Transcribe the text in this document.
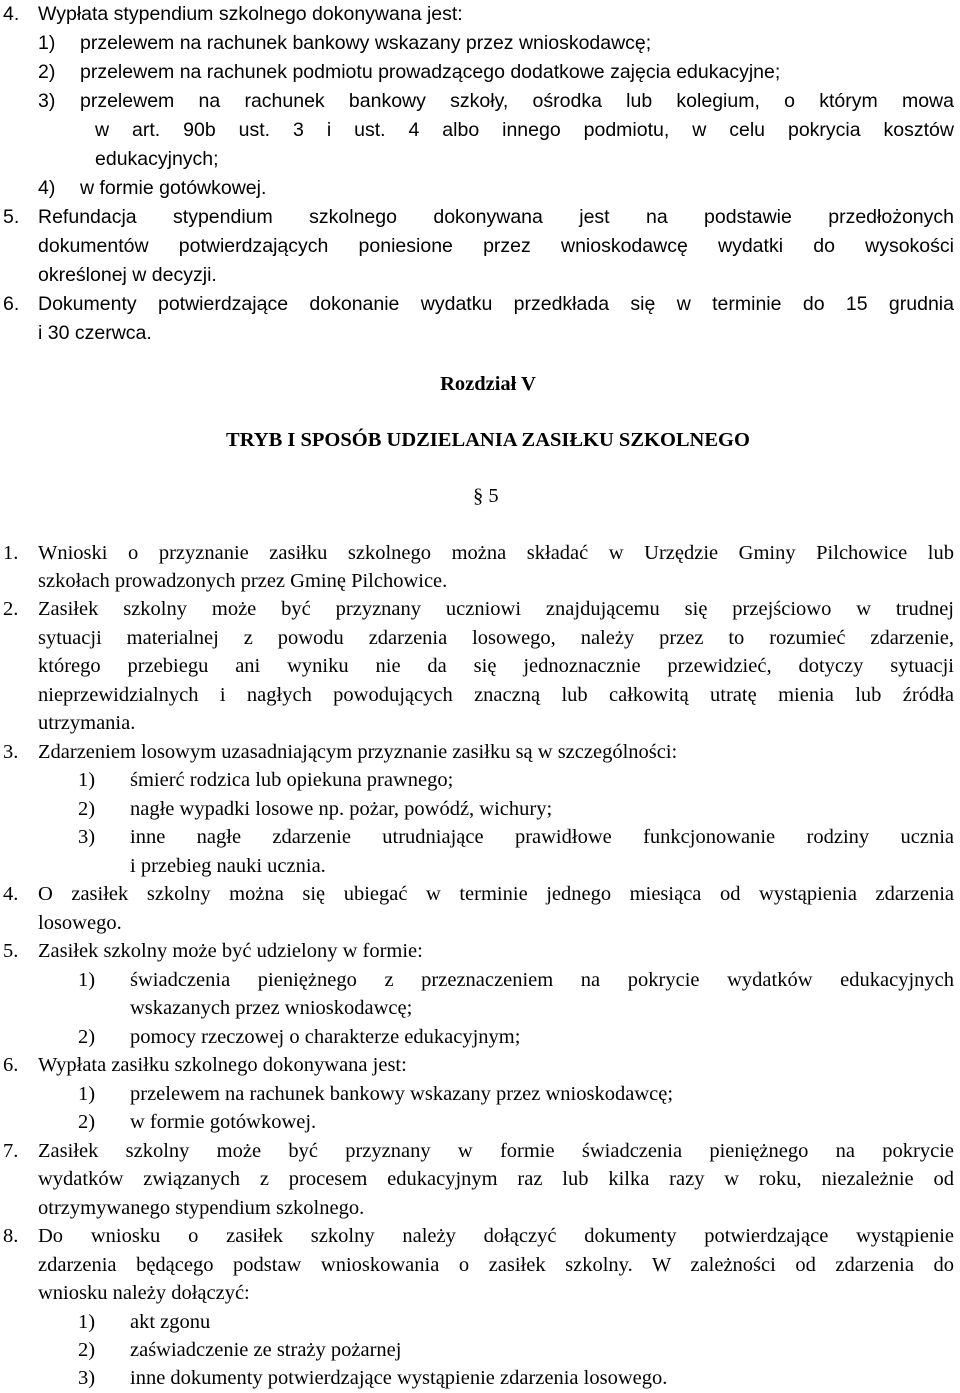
4. Wypłata stypendium szkolnego dokonywana jest:
1) przelewem na rachunek bankowy wskazany przez wnioskodawcę;
2) przelewem na rachunek podmiotu prowadzącego dodatkowe zajęcia edukacyjne;
3) przelewem na rachunek bankowy szkoły, ośrodka lub kolegium, o którym mowa
w art. 90b ust. 3 i ust. 4 albo innego podmiotu, w celu pokrycia kosztów
edukacyjnych;
4) w formie gotówkowej.
5. Refundacja stypendium szkolnego dokonywana jest na podstawie przedłożonych
dokumentów potwierdzających poniesione przez wnioskodawcę wydatki do wysokości
określonej w decyzji.
6. Dokumenty potwierdzające dokonanie wydatku przedkłada się w terminie do 15 grudnia
i 30 czerwca.
Rozdział V
TRYB I SPOSÓB UDZIELANIA ZASIŁKU SZKOLNEGO
§ 5
1. Wnioski o przyznanie zasiłku szkolnego można składać w Urzędzie Gminy Pilchowice lub
szkołach prowadzonych przez Gminę Pilchowice.
2. Zasiłek szkolny może być przyznany uczniowi znajdującemu się przejściowo w trudnej
sytuacji materialnej z powodu zdarzenia losowego, należy przez to rozumieć zdarzenie,
którego przebiegu ani wyniku nie da się jednoznacznie przewidzieć, dotyczy sytuacji
nieprzewidzialnych i nagłych powodujących znaczną lub całkowitą utratę mienia lub źródła
utrzymania.
3. Zdarzeniem losowym uzasadniającym przyznanie zasiłku są w szczególności:
1) śmierć rodzica lub opiekuna prawnego;
2) nagłe wypadki losowe np. pożar, powódź, wichury;
3) inne nagłe zdarzenie utrudniające prawidłowe funkcjonowanie rodziny ucznia
i przebieg nauki ucznia.
4. O zasiłek szkolny można się ubiegać w terminie jednego miesiąca od wystąpienia zdarzenia
losowego.
5. Zasiłek szkolny może być udzielony w formie:
1) świadczenia pieniężnego z przeznaczeniem na pokrycie wydatków edukacyjnych
wskazanych przez wnioskodawcę;
2) pomocy rzeczowej o charakterze edukacyjnym;
6. Wypłata zasiłku szkolnego dokonywana jest:
1) przelewem na rachunek bankowy wskazany przez wnioskodawcę;
2) w formie gotówkowej.
7. Zasiłek szkolny może być przyznany w formie świadczenia pieniężnego na pokrycie
wydatków związanych z procesem edukacyjnym raz lub kilka razy w roku, niezależnie od
otrzymywanego stypendium szkolnego.
8. Do wniosku o zasiłek szkolny należy dołączyć dokumenty potwierdzające wystąpienie
zdarzenia będącego podstaw wnioskowania o zasiłek szkolny. W zależności od zdarzenia do
wniosku należy dołączyć:
1) akt zgonu
2) zaświadczenie ze straży pożarnej
3) inne dokumenty potwierdzające wystąpienie zdarzenia losowego.
